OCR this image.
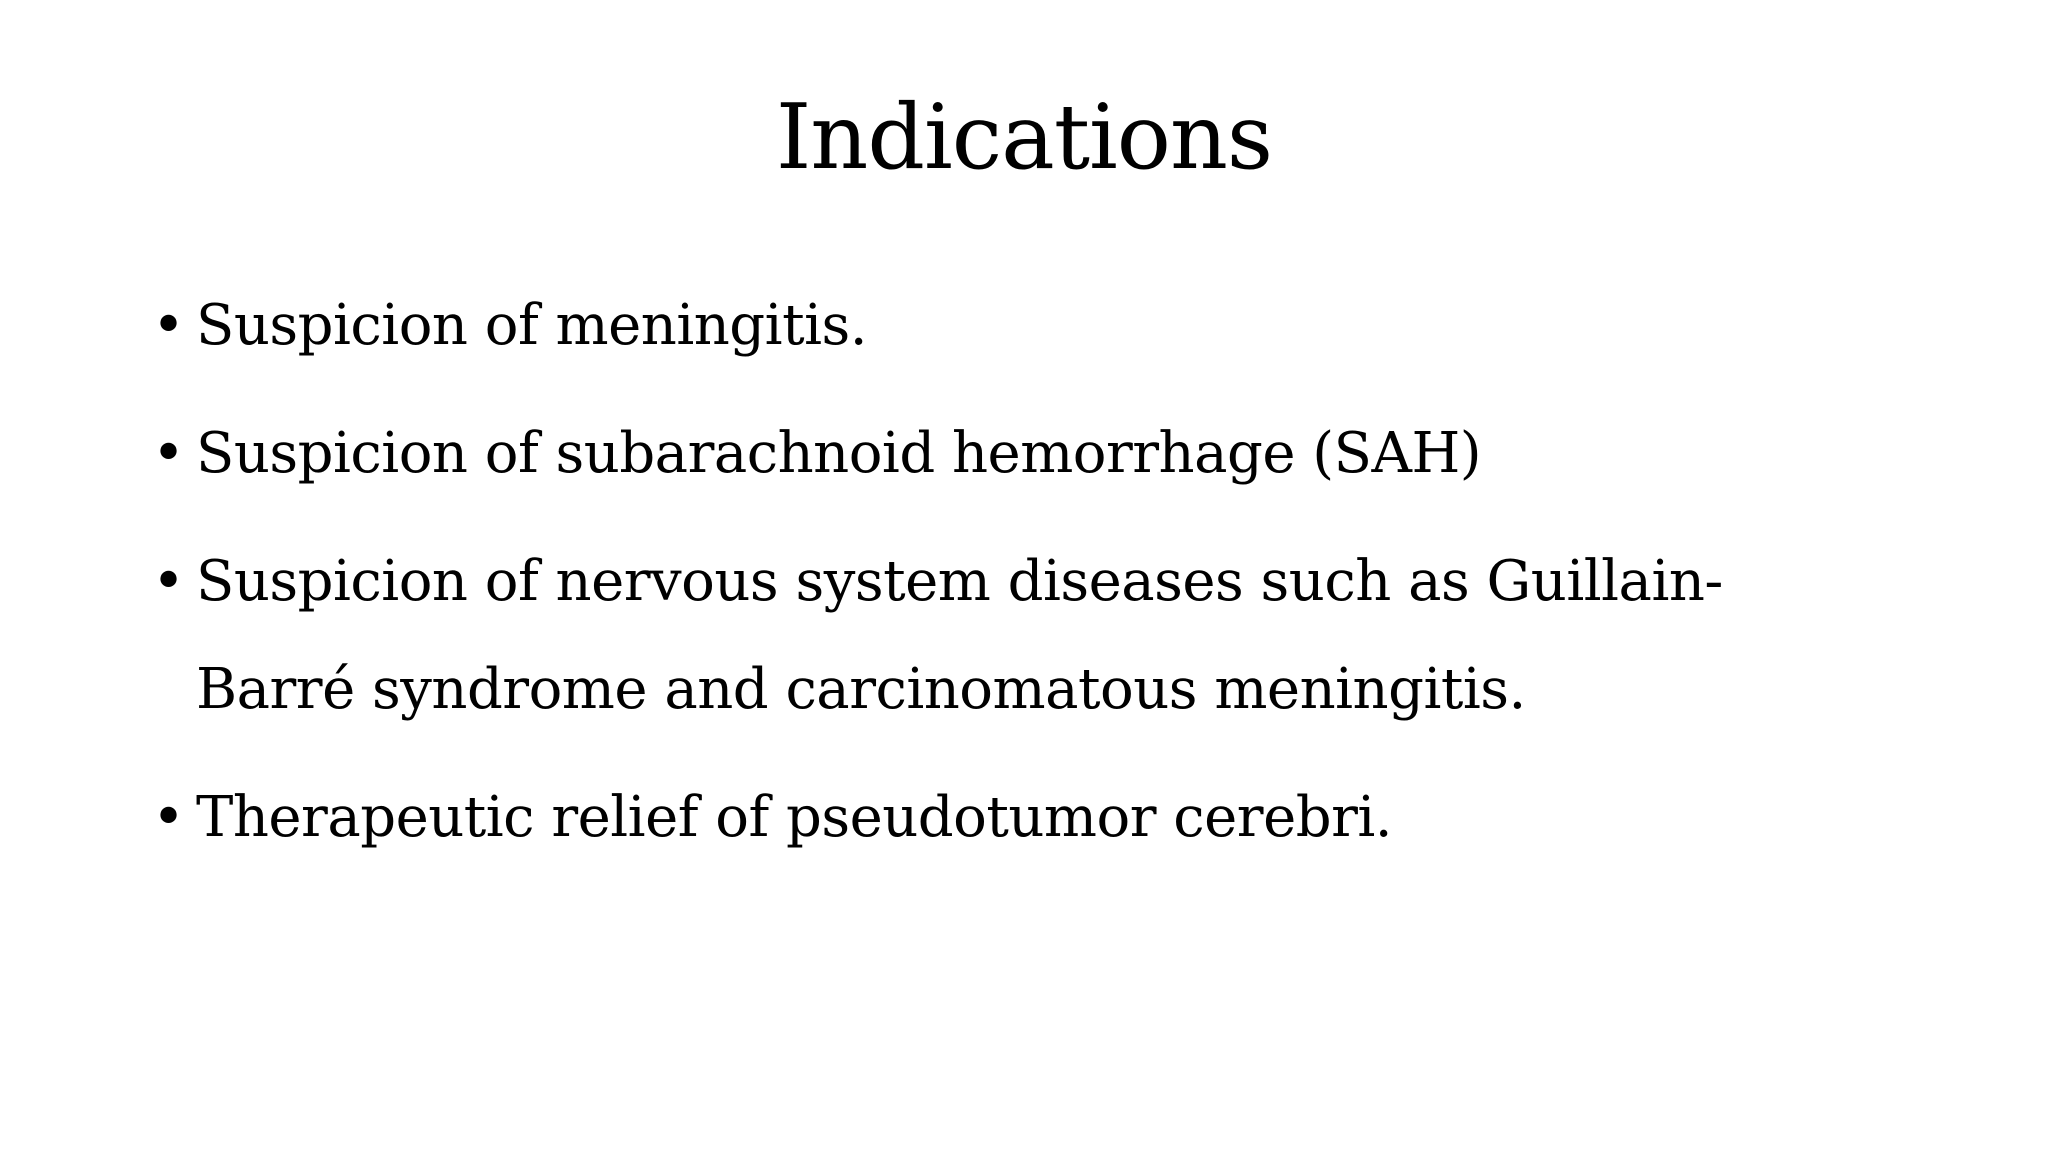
Indications
• Suspicion of meningitis.
• Suspicion of subarachnoid hemorrhage (SAH)
• Suspicion of nervous system diseases such as Guillain-Barré syndrome and carcinomatous meningitis.
• Therapeutic relief of pseudotumor cerebri.
